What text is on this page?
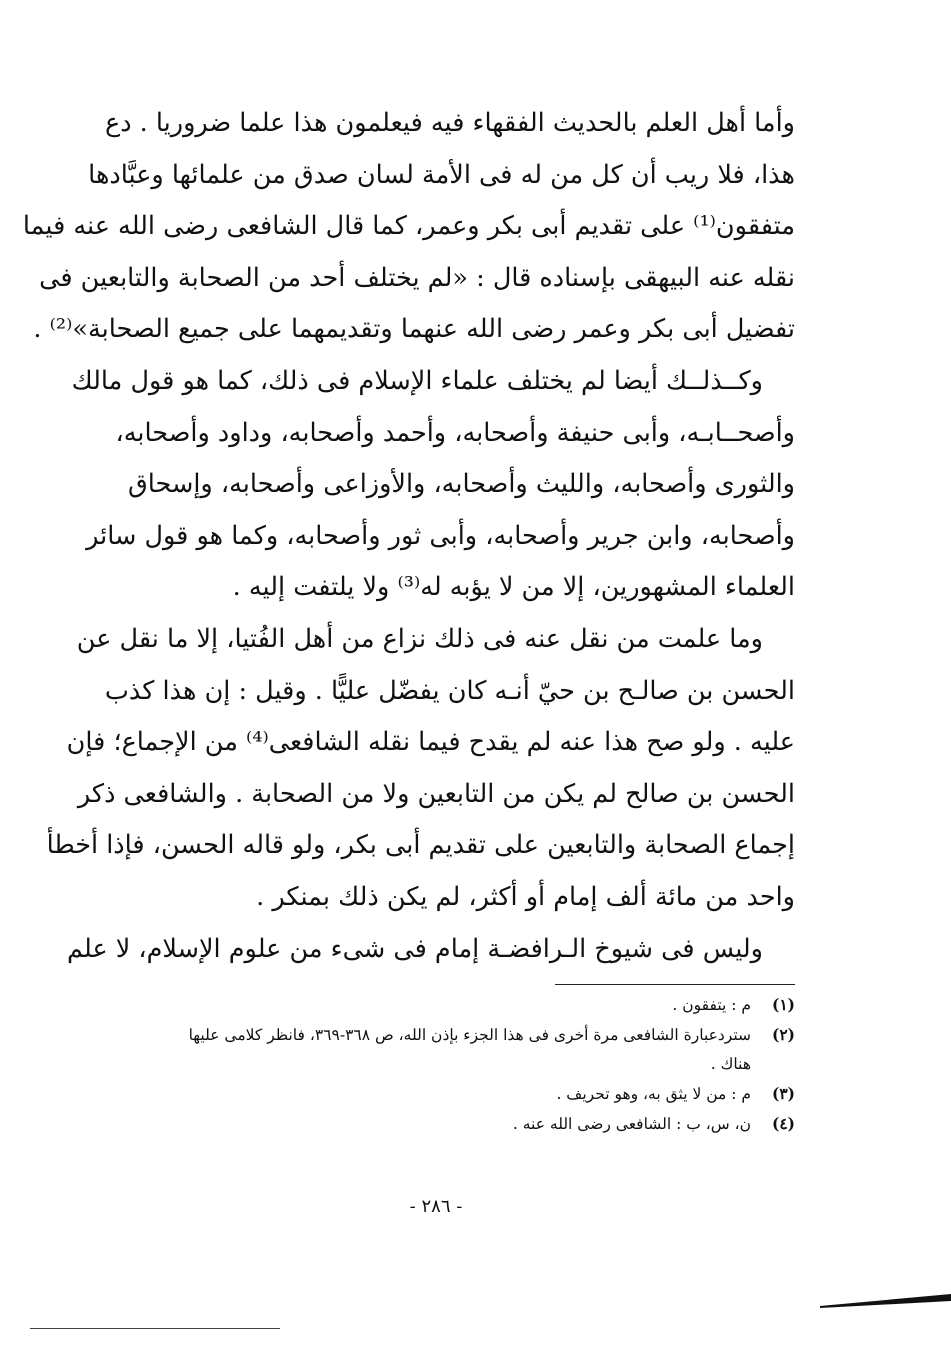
وأما أهل العلم بالحديث الفقهاء فيه فيعلمون هذا علما ضروريا . دع
هذا، فلا ريب أن كل من له فى الأمة لسان صدق من علمائها وعبَّادها
متفقون⁽¹⁾ على تقديم أبى بكر وعمر، كما قال الشافعى رضى الله عنه فيما
نقله عنه البيهقى بإسناده قال : «لم يختلف أحد من الصحابة والتابعين فى
تفضيل أبى بكر وعمر رضى الله عنهما وتقديمهما على جميع الصحابة»⁽²⁾ .
وكــذلــك أيضا لم يختلف علماء الإسلام فى ذلك، كما هو قول مالك
وأصحــابـه، وأبى حنيفة وأصحابه، وأحمد وأصحابه، وداود وأصحابه،
والثورى وأصحابه، والليث وأصحابه، والأوزاعى وأصحابه، وإسحاق
وأصحابه، وابن جرير وأصحابه، وأبى ثور وأصحابه، وكما هو قول سائر
العلماء المشهورين، إلا من لا يؤبه له⁽³⁾ ولا يلتفت إليه .
وما علمت من نقل عنه فى ذلك نزاع من أهل الفُتيا، إلا ما نقل عن
الحسن بن صالـح بن حيّ أنـه كان يفضّل عليًّا . وقيل : إن هذا كذب
عليه . ولو صح هذا عنه لم يقدح فيما نقله الشافعى⁽⁴⁾ من الإجماع؛ فإن
الحسن بن صالح لم يكن من التابعين ولا من الصحابة . والشافعى ذكر
إجماع الصحابة والتابعين على تقديم أبى بكر، ولو قاله الحسن، فإذا أخطأ
واحد من مائة ألف إمام أو أكثر، لم يكن ذلك بمنكر .
وليس فى شيوخ الـرافضـة إمام فى شىء من علوم الإسلام، لا علم
(١)م : يتفقون .
(٢)ستردعبارة الشافعى مرة أخرى فى هذا الجزء بإذن الله، ص ٣٦٨-٣٦٩، فانظر كلامى عليها
هناك .
(٣)م : من لا يثق به، وهو تحريف .
(٤)ن، س، ب : الشافعى رضى الله عنه .
- ٢٨٦ -
